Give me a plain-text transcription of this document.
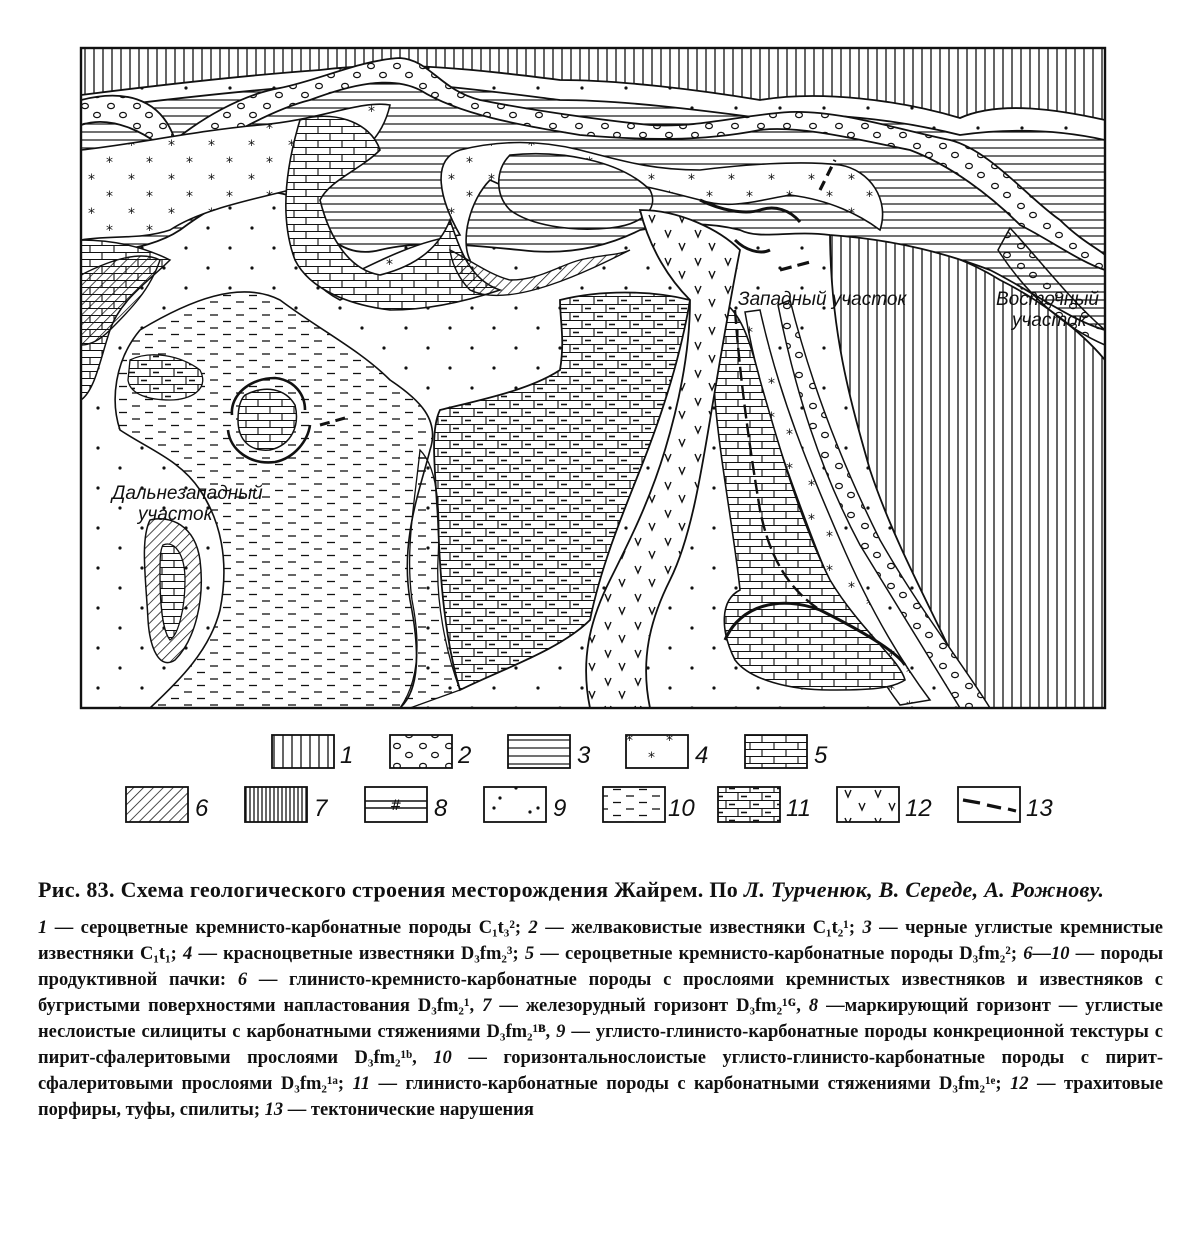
Западный участок	Восточный
участок
Дальнезападный
участок
1	2	3	4	5
6	7	# 8	9	10	11	12	13
Рис. 83. Схема геологического строения месторождения Жайрем. По Л. Турченюк, В. Середе, А. Рожнову.
1 — сероцветные кремнисто-карбонатные породы C₁t₃²; 2 — желваковистые известняки C₁t₂¹; 3 — черные углистые кремнистые известняки C₁t₁; 4 — красноцветные известняки D₃fm₂³; 5 — сероцветные кремнисто-карбонатные породы D₃fm₂²; 6—10 — породы продуктивной пачки: 6 — глинисто-кремнисто-карбонатные породы с прослоями кремнистых известняков и известняков с бугристыми поверхностями напластования D₃fm₂¹, 7 — железорудный горизонт D₃fm₂¹ᴳ, 8 —маркирующий горизонт — углистые неслоистые силициты с карбонатными стяжениями D₃fm₂¹ᴮ, 9 — углисто-глинисто-карбонатные породы конкреционной текстуры с пирит-сфалеритовыми прослоями D₃fm₂¹ᵇ, 10 — горизонтальнослоистые углисто-глинисто-карбонатные породы с пирит-сфалеритовыми прослоями D₃fm₂¹ᵃ; 11 — глинисто-карбонатные породы с карбонатными стяжениями D₃fm₂¹ᵉ; 12 — трахитовые порфиры, туфы, спилиты; 13 — тектонические нарушения
